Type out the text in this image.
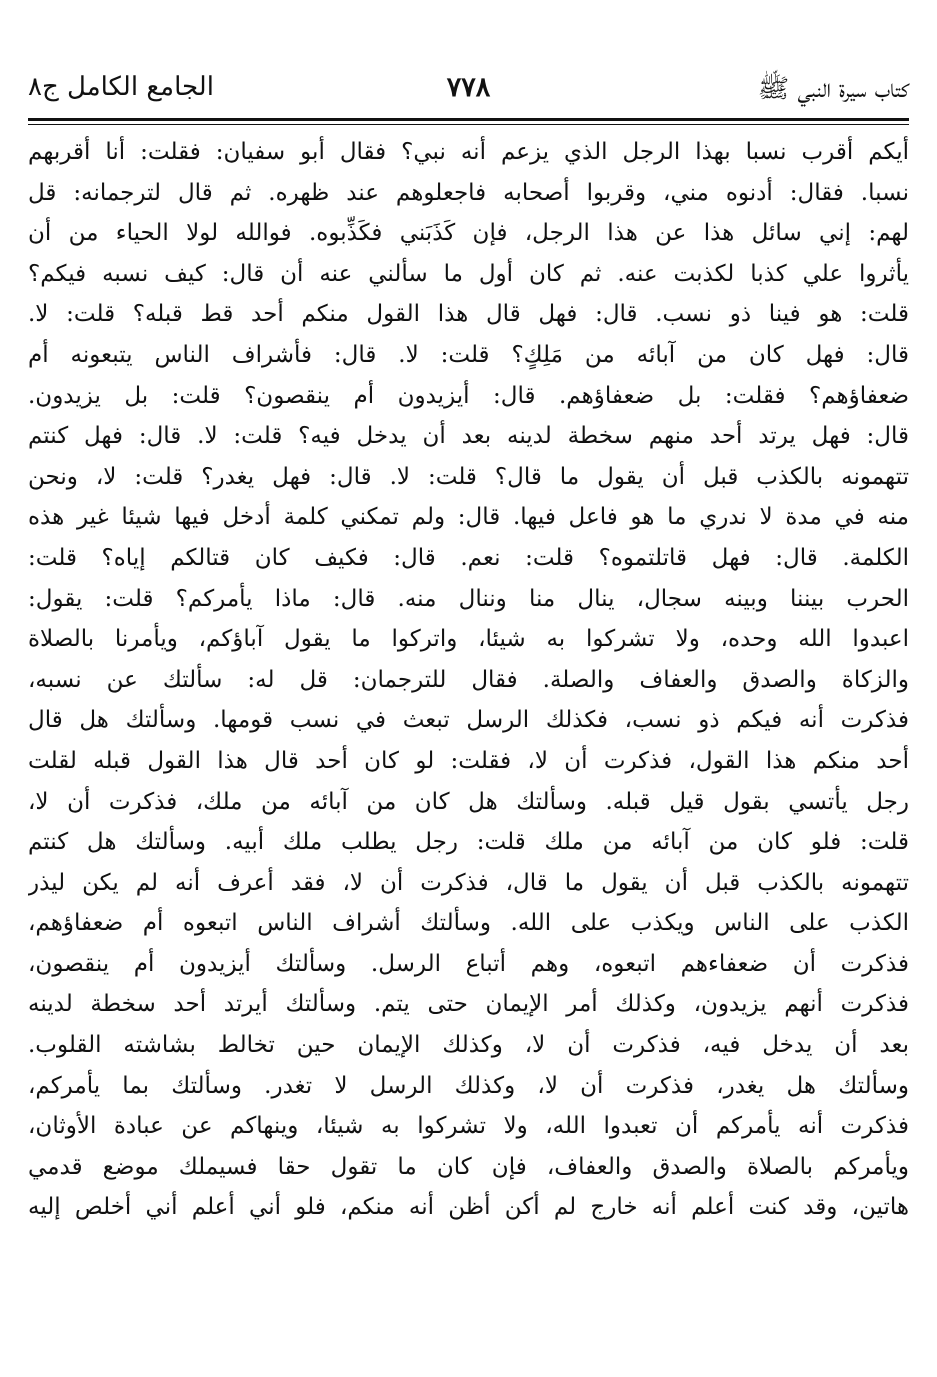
كتاب سيرة النبي ﷺ
٧٧٨
الجامع الكامل ج٨
أيكم أقرب نسبا بهذا الرجل الذي يزعم أنه نبي؟ فقال أبو سفيان: فقلت: أنا أقربهم
نسبا. فقال: أدنوه مني، وقربوا أصحابه فاجعلوهم عند ظهره. ثم قال لترجمانه: قل
لهم: إني سائل هذا عن هذا الرجل، فإن كَذَبَني فكَذِّبوه. فوالله لولا الحياء من أن
يأثروا علي كذبا لكذبت عنه. ثم كان أول ما سألني عنه أن قال: كيف نسبه فيكم؟
قلت: هو فينا ذو نسب. قال: فهل قال هذا القول منكم أحد قط قبله؟ قلت: لا.
قال: فهل كان من آبائه من مَلِكٍ؟ قلت: لا. قال: فأشراف الناس يتبعونه أم
ضعفاؤهم؟ فقلت: بل ضعفاؤهم. قال: أيزيدون أم ينقصون؟ قلت: بل يزيدون.
قال: فهل يرتد أحد منهم سخطة لدينه بعد أن يدخل فيه؟ قلت: لا. قال: فهل كنتم
تتهمونه بالكذب قبل أن يقول ما قال؟ قلت: لا. قال: فهل يغدر؟ قلت: لا، ونحن
منه في مدة لا ندري ما هو فاعل فيها. قال: ولم تمكني كلمة أدخل فيها شيئا غير هذه
الكلمة. قال: فهل قاتلتموه؟ قلت: نعم. قال: فكيف كان قتالكم إياه؟ قلت:
الحرب بيننا وبينه سجال، ينال منا وننال منه. قال: ماذا يأمركم؟ قلت: يقول:
اعبدوا الله وحده، ولا تشركوا به شيئا، واتركوا ما يقول آباؤكم، ويأمرنا بالصلاة
والزكاة والصدق والعفاف والصلة. فقال للترجمان: قل له: سألتك عن نسبه،
فذكرت أنه فيكم ذو نسب، فكذلك الرسل تبعث في نسب قومها. وسألتك هل قال
أحد منكم هذا القول، فذكرت أن لا، فقلت: لو كان أحد قال هذا القول قبله لقلت
رجل يأتسي بقول قيل قبله. وسألتك هل كان من آبائه من ملك، فذكرت أن لا،
قلت: فلو كان من آبائه من ملك قلت: رجل يطلب ملك أبيه. وسألتك هل كنتم
تتهمونه بالكذب قبل أن يقول ما قال، فذكرت أن لا، فقد أعرف أنه لم يكن ليذر
الكذب على الناس ويكذب على الله. وسألتك أشراف الناس اتبعوه أم ضعفاؤهم،
فذكرت أن ضعفاءهم اتبعوه، وهم أتباع الرسل. وسألتك أيزيدون أم ينقصون،
فذكرت أنهم يزيدون، وكذلك أمر الإيمان حتى يتم. وسألتك أيرتد أحد سخطة لدينه
بعد أن يدخل فيه، فذكرت أن لا، وكذلك الإيمان حين تخالط بشاشته القلوب.
وسألتك هل يغدر، فذكرت أن لا، وكذلك الرسل لا تغدر. وسألتك بما يأمركم،
فذكرت أنه يأمركم أن تعبدوا الله، ولا تشركوا به شيئا، وينهاكم عن عبادة الأوثان،
ويأمركم بالصلاة والصدق والعفاف، فإن كان ما تقول حقا فسيملك موضع قدمي
هاتين، وقد كنت أعلم أنه خارج لم أكن أظن أنه منكم، فلو أني أعلم أني أخلص إليه
